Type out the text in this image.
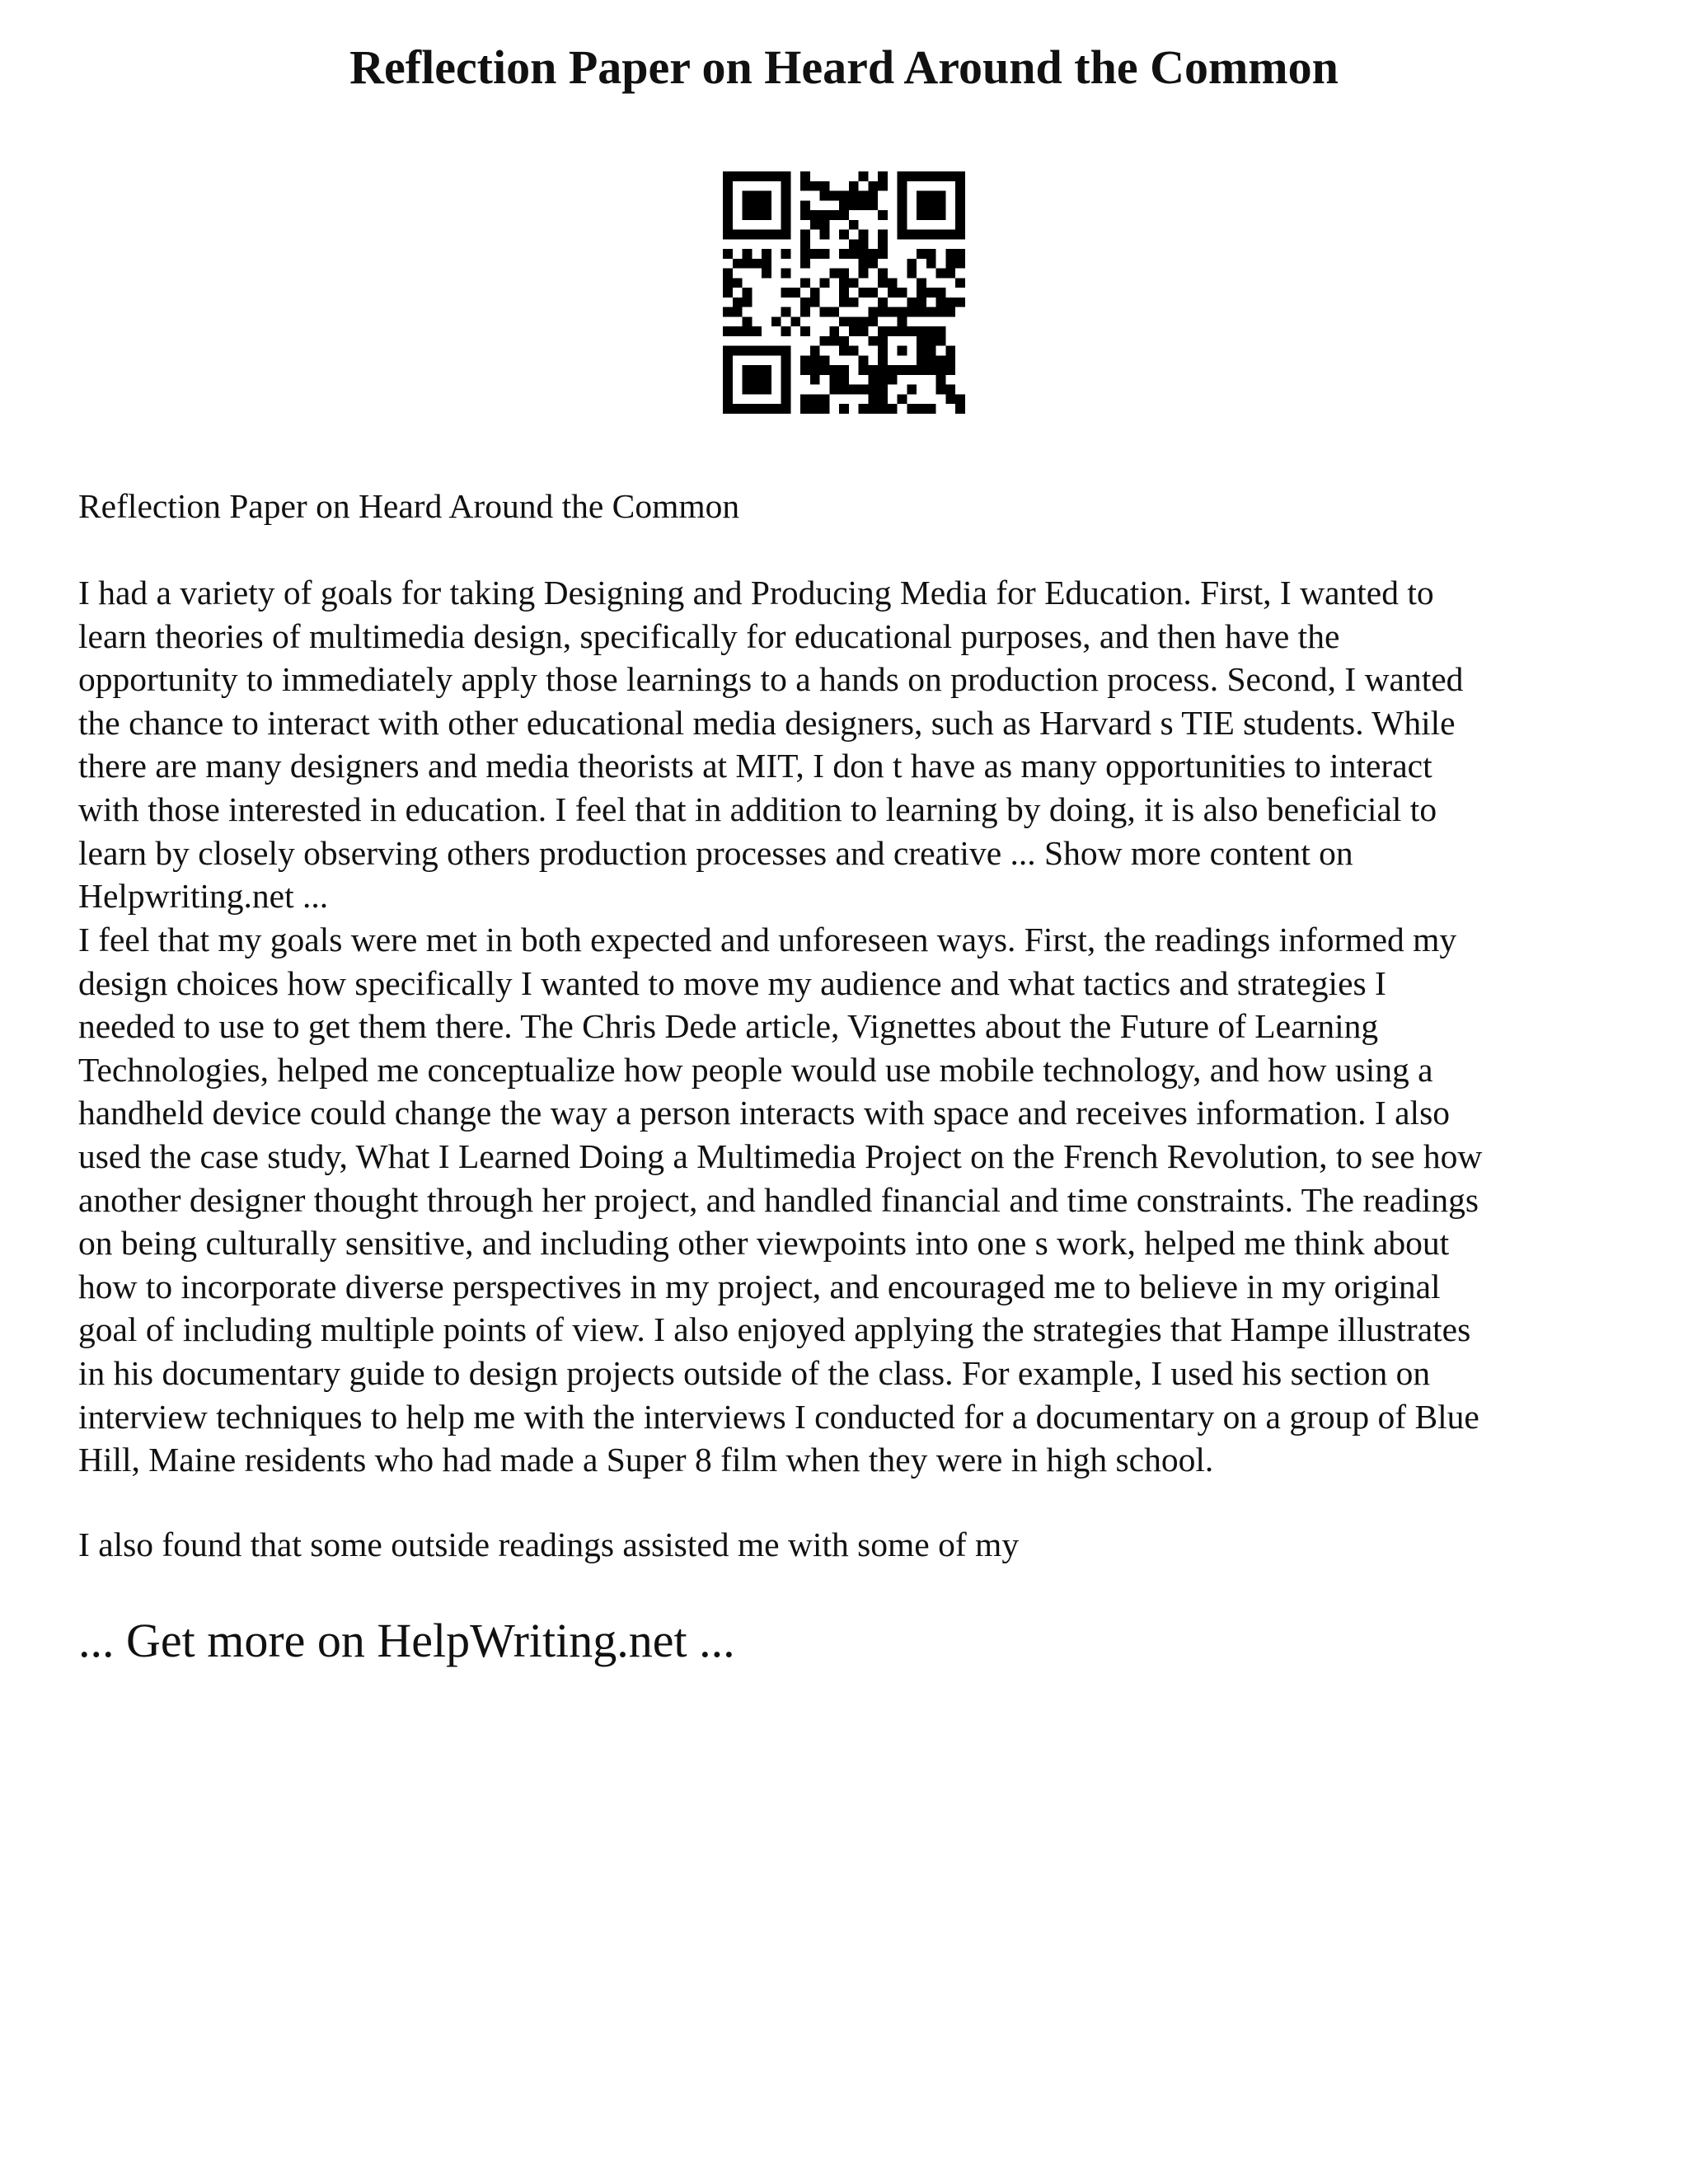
Reflection Paper on Heard Around the Common

Reflection Paper on Heard Around the Common

I had a variety of goals for taking Designing and Producing Media for Education. First, I wanted to
learn theories of multimedia design, specifically for educational purposes, and then have the
opportunity to immediately apply those learnings to a hands on production process. Second, I wanted
the chance to interact with other educational media designers, such as Harvard s TIE students. While
there are many designers and media theorists at MIT, I don t have as many opportunities to interact
with those interested in education. I feel that in addition to learning by doing, it is also beneficial to
learn by closely observing others production processes and creative ... Show more content on
Helpwriting.net ...

I feel that my goals were met in both expected and unforeseen ways. First, the readings informed my
design choices how specifically I wanted to move my audience and what tactics and strategies I
needed to use to get them there. The Chris Dede article, Vignettes about the Future of Learning
Technologies, helped me conceptualize how people would use mobile technology, and how using a
handheld device could change the way a person interacts with space and receives information. I also
used the case study, What I Learned Doing a Multimedia Project on the French Revolution, to see how
another designer thought through her project, and handled financial and time constraints. The readings
on being culturally sensitive, and including other viewpoints into one s work, helped me think about
how to incorporate diverse perspectives in my project, and encouraged me to believe in my original
goal of including multiple points of view. I also enjoyed applying the strategies that Hampe illustrates
in his documentary guide to design projects outside of the class. For example, I used his section on
interview techniques to help me with the interviews I conducted for a documentary on a group of Blue
Hill, Maine residents who had made a Super 8 film when they were in high school.

I also found that some outside readings assisted me with some of my

... Get more on HelpWriting.net ...
